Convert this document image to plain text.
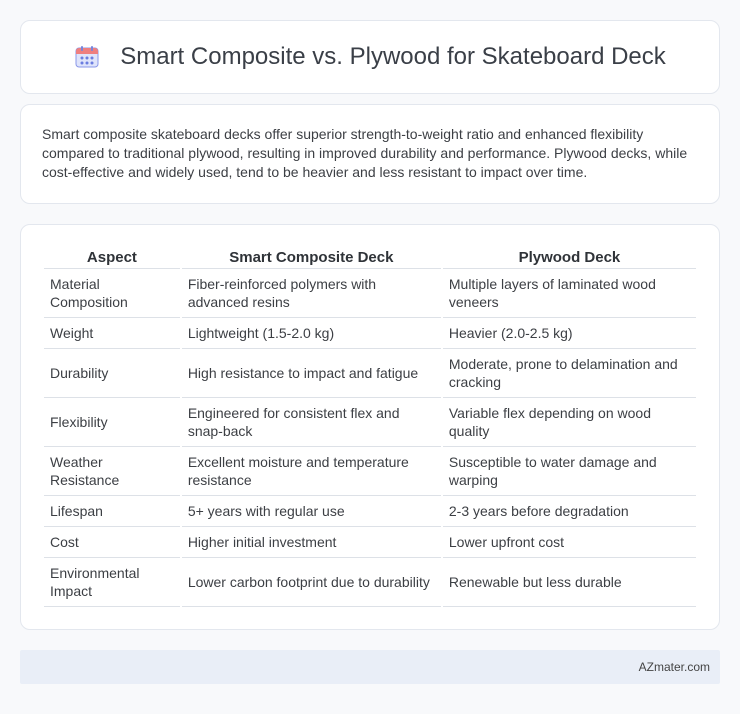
Smart Composite vs. Plywood for Skateboard Deck

Smart composite skateboard decks offer superior strength-to-weight ratio and enhanced flexibility compared to traditional plywood, resulting in improved durability and performance. Plywood decks, while cost-effective and widely used, tend to be heavier and less resistant to impact over time.

Aspect	Smart Composite Deck	Plywood Deck
Material Composition	Fiber-reinforced polymers with advanced resins	Multiple layers of laminated wood veneers
Weight	Lightweight (1.5-2.0 kg)	Heavier (2.0-2.5 kg)
Durability	High resistance to impact and fatigue	Moderate, prone to delamination and cracking
Flexibility	Engineered for consistent flex and snap-back	Variable flex depending on wood quality
Weather Resistance	Excellent moisture and temperature resistance	Susceptible to water damage and warping
Lifespan	5+ years with regular use	2-3 years before degradation
Cost	Higher initial investment	Lower upfront cost
Environmental Impact	Lower carbon footprint due to durability	Renewable but less durable
AZmater.com
